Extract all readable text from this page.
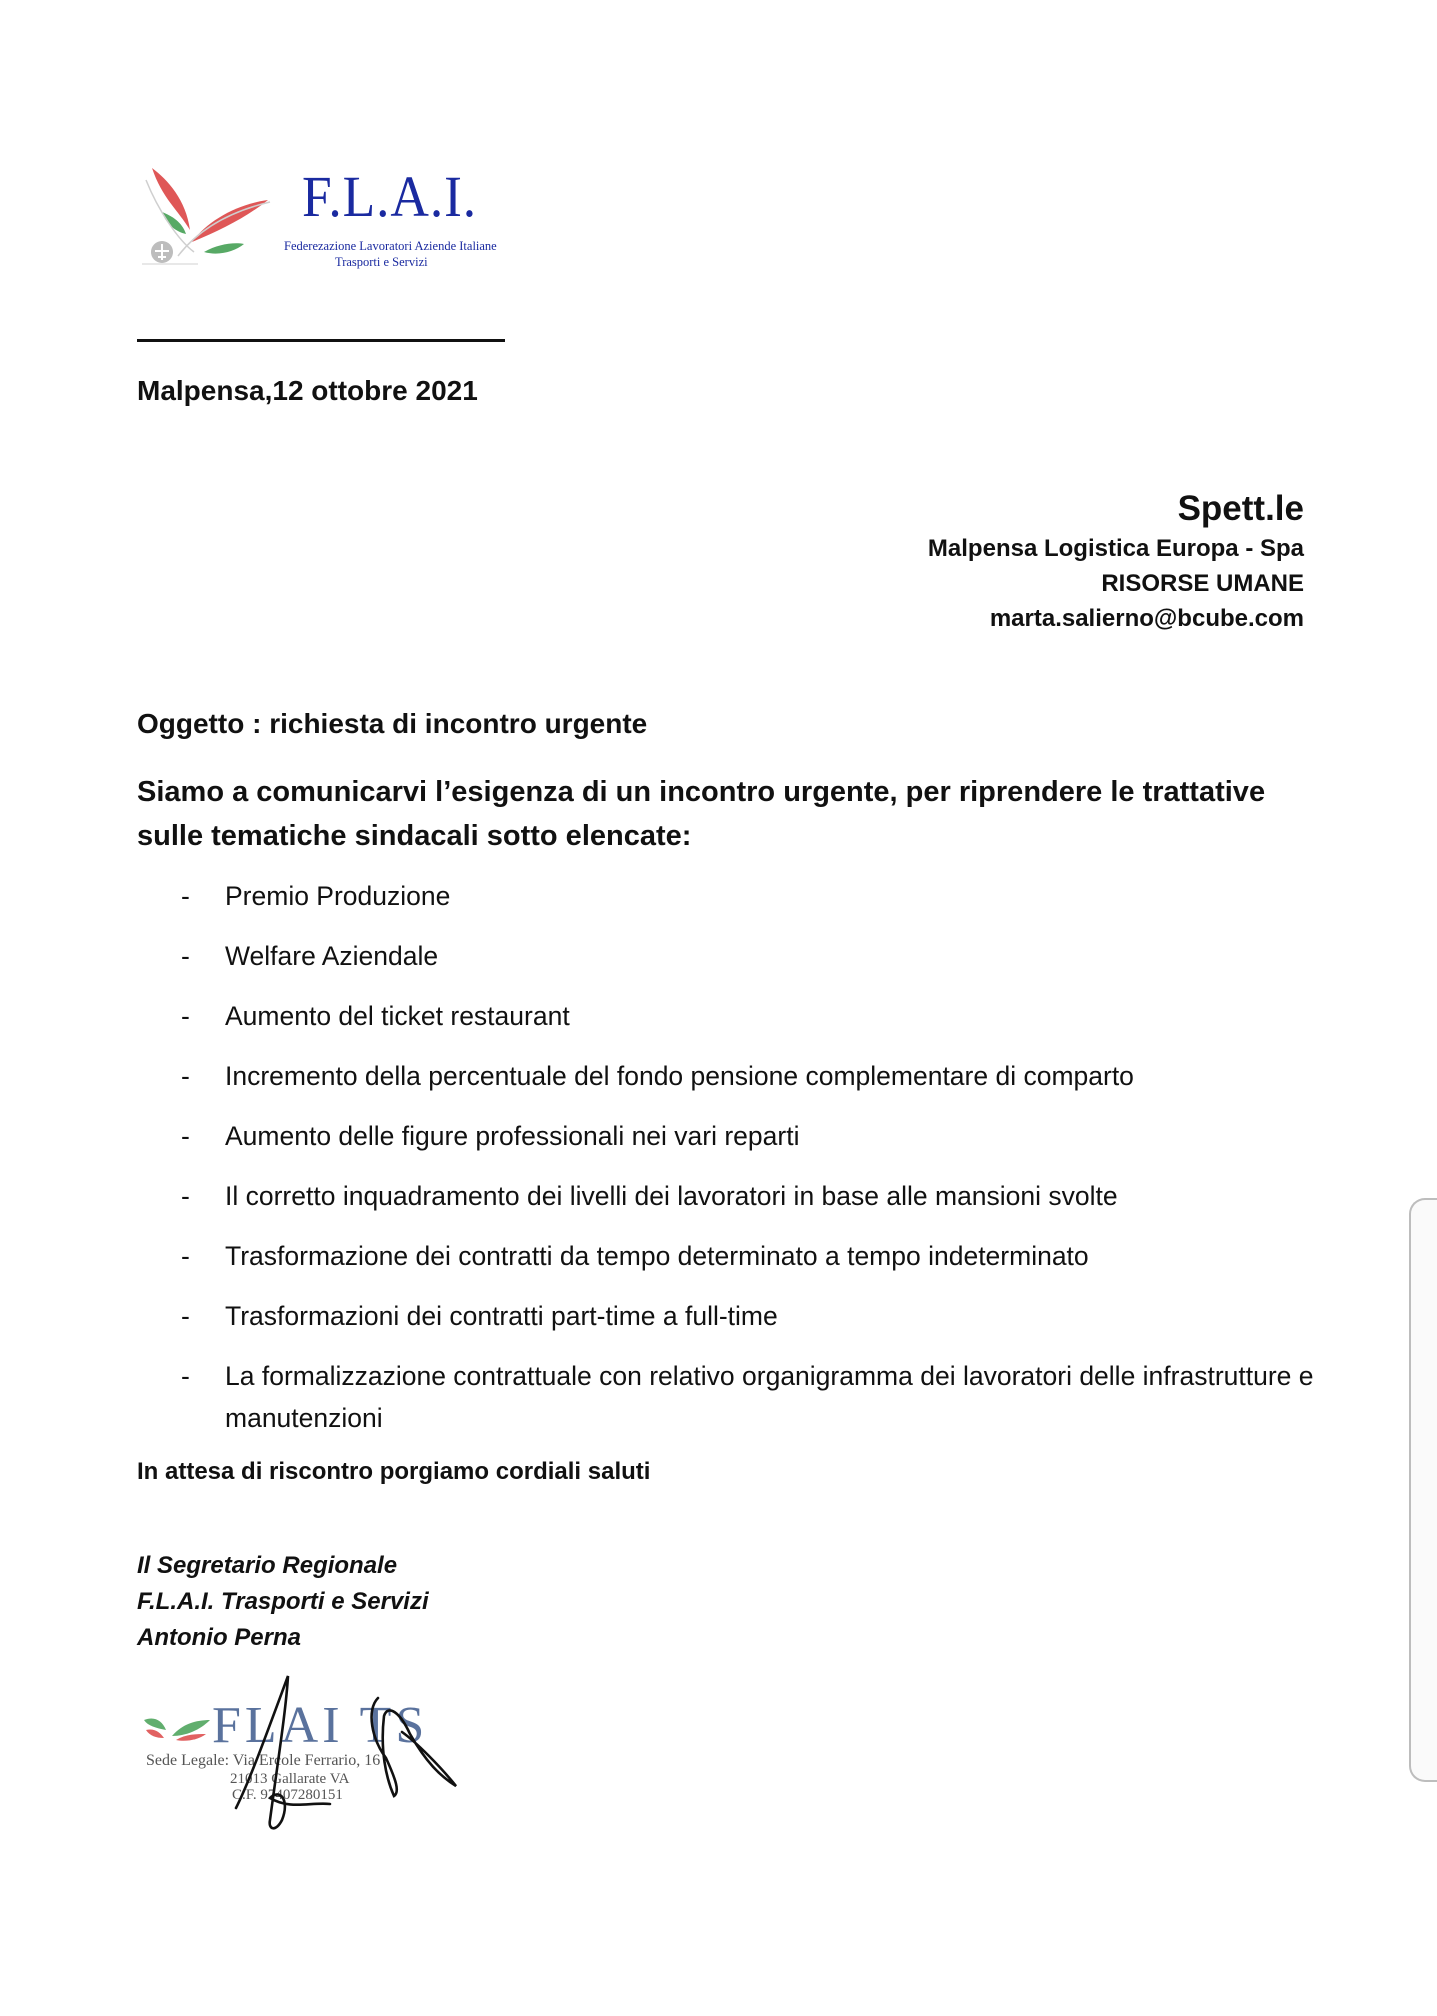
F.L.A.I.
Federezazione Lavoratori Aziende Italiane
Trasporti e Servizi
Malpensa,12 ottobre 2021
Spett.le
Malpensa Logistica Europa - Spa
RISORSE UMANE
marta.salierno@bcube.com
Oggetto : richiesta di incontro urgente
Siamo a comunicarvi l’esigenza di un incontro urgente, per riprendere le trattative sulle tematiche sindacali sotto elencate:
- Premio Produzione
- Welfare Aziendale
- Aumento del ticket restaurant
- Incremento della percentuale del fondo pensione complementare di comparto
- Aumento delle figure professionali nei vari reparti
- Il corretto inquadramento dei livelli dei lavoratori in base alle mansioni svolte
- Trasformazione dei contratti da tempo determinato a tempo indeterminato
- Trasformazioni dei contratti part-time a full-time
- La formalizzazione contrattuale con relativo organigramma dei lavoratori delle infrastrutture e manutenzioni
In attesa di riscontro porgiamo cordiali saluti
Il Segretario Regionale
F.L.A.I. Trasporti e Servizi
Antonio Perna
FLAI TS
Sede Legale: Via Ercole Ferrario, 16
21013 Gallarate VA
C.F. 97407280151
